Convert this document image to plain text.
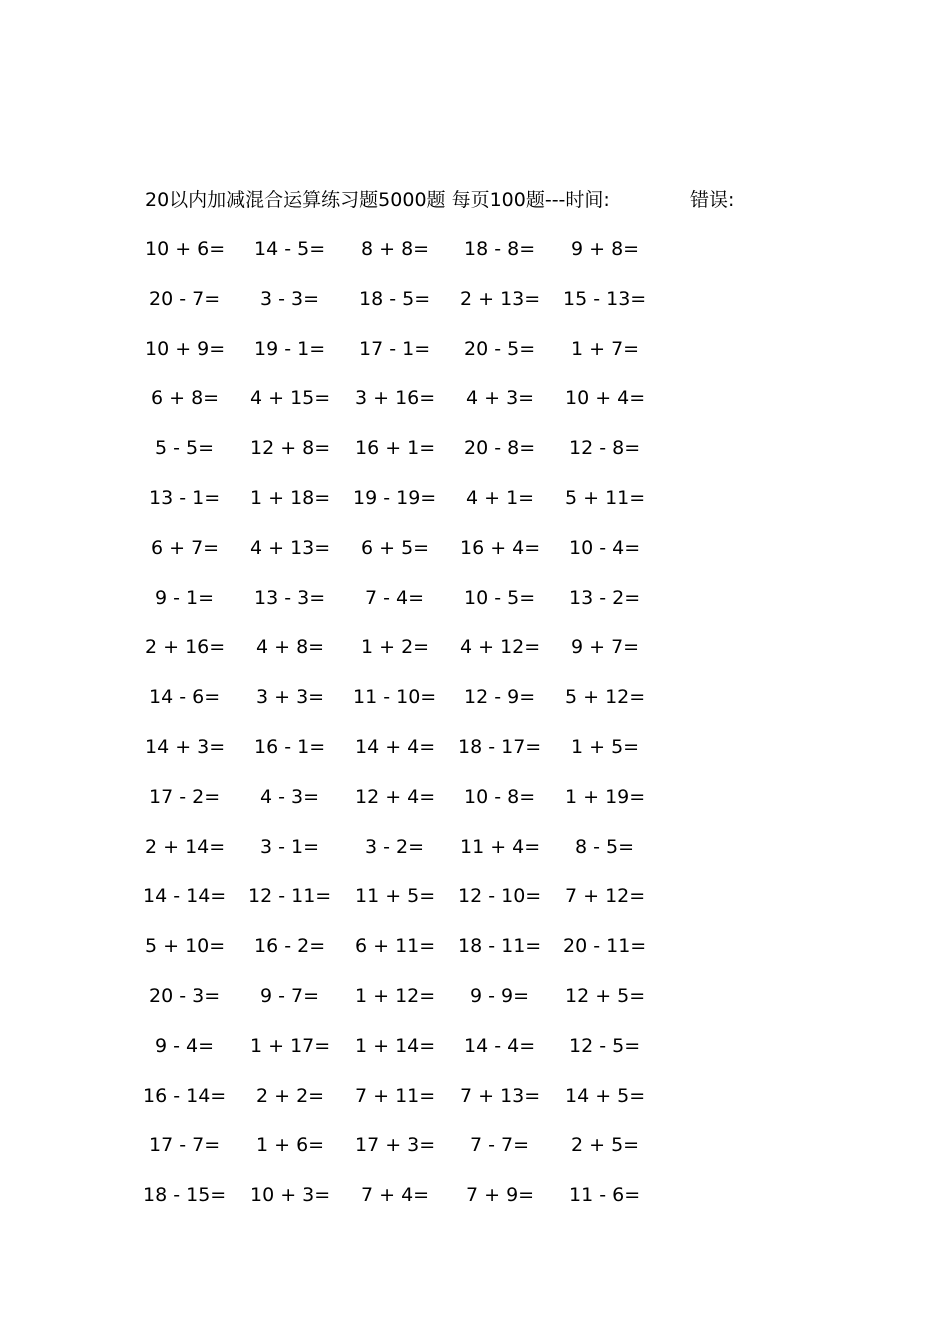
20以内加减混合运算练习题5000题 每页100题---时间:	错误:
10 + 6= 14 - 5= 8 + 8= 18 - 8= 9 + 8=
20 - 7= 3 - 3= 18 - 5= 2 + 13= 15 - 13=
10 + 9= 19 - 1= 17 - 1= 20 - 5= 1 + 7=
6 + 8= 4 + 15= 3 + 16= 4 + 3= 10 + 4=
5 - 5= 12 + 8= 16 + 1= 20 - 8= 12 - 8=
13 - 1= 1 + 18= 19 - 19= 4 + 1= 5 + 11=
6 + 7= 4 + 13= 6 + 5= 16 + 4= 10 - 4=
9 - 1= 13 - 3= 7 - 4= 10 - 5= 13 - 2=
2 + 16= 4 + 8= 1 + 2= 4 + 12= 9 + 7=
14 - 6= 3 + 3= 11 - 10= 12 - 9= 5 + 12=
14 + 3= 16 - 1= 14 + 4= 18 - 17= 1 + 5=
17 - 2= 4 - 3= 12 + 4= 10 - 8= 1 + 19=
2 + 14= 3 - 1= 3 - 2= 11 + 4= 8 - 5=
14 - 14= 12 - 11= 11 + 5= 12 - 10= 7 + 12=
5 + 10= 16 - 2= 6 + 11= 18 - 11= 20 - 11=
20 - 3= 9 - 7= 1 + 12= 9 - 9= 12 + 5=
9 - 4= 1 + 17= 1 + 14= 14 - 4= 12 - 5=
16 - 14= 2 + 2= 7 + 11= 7 + 13= 14 + 5=
17 - 7= 1 + 6= 17 + 3= 7 - 7= 2 + 5=
18 - 15= 10 + 3= 7 + 4= 7 + 9= 11 - 6=
